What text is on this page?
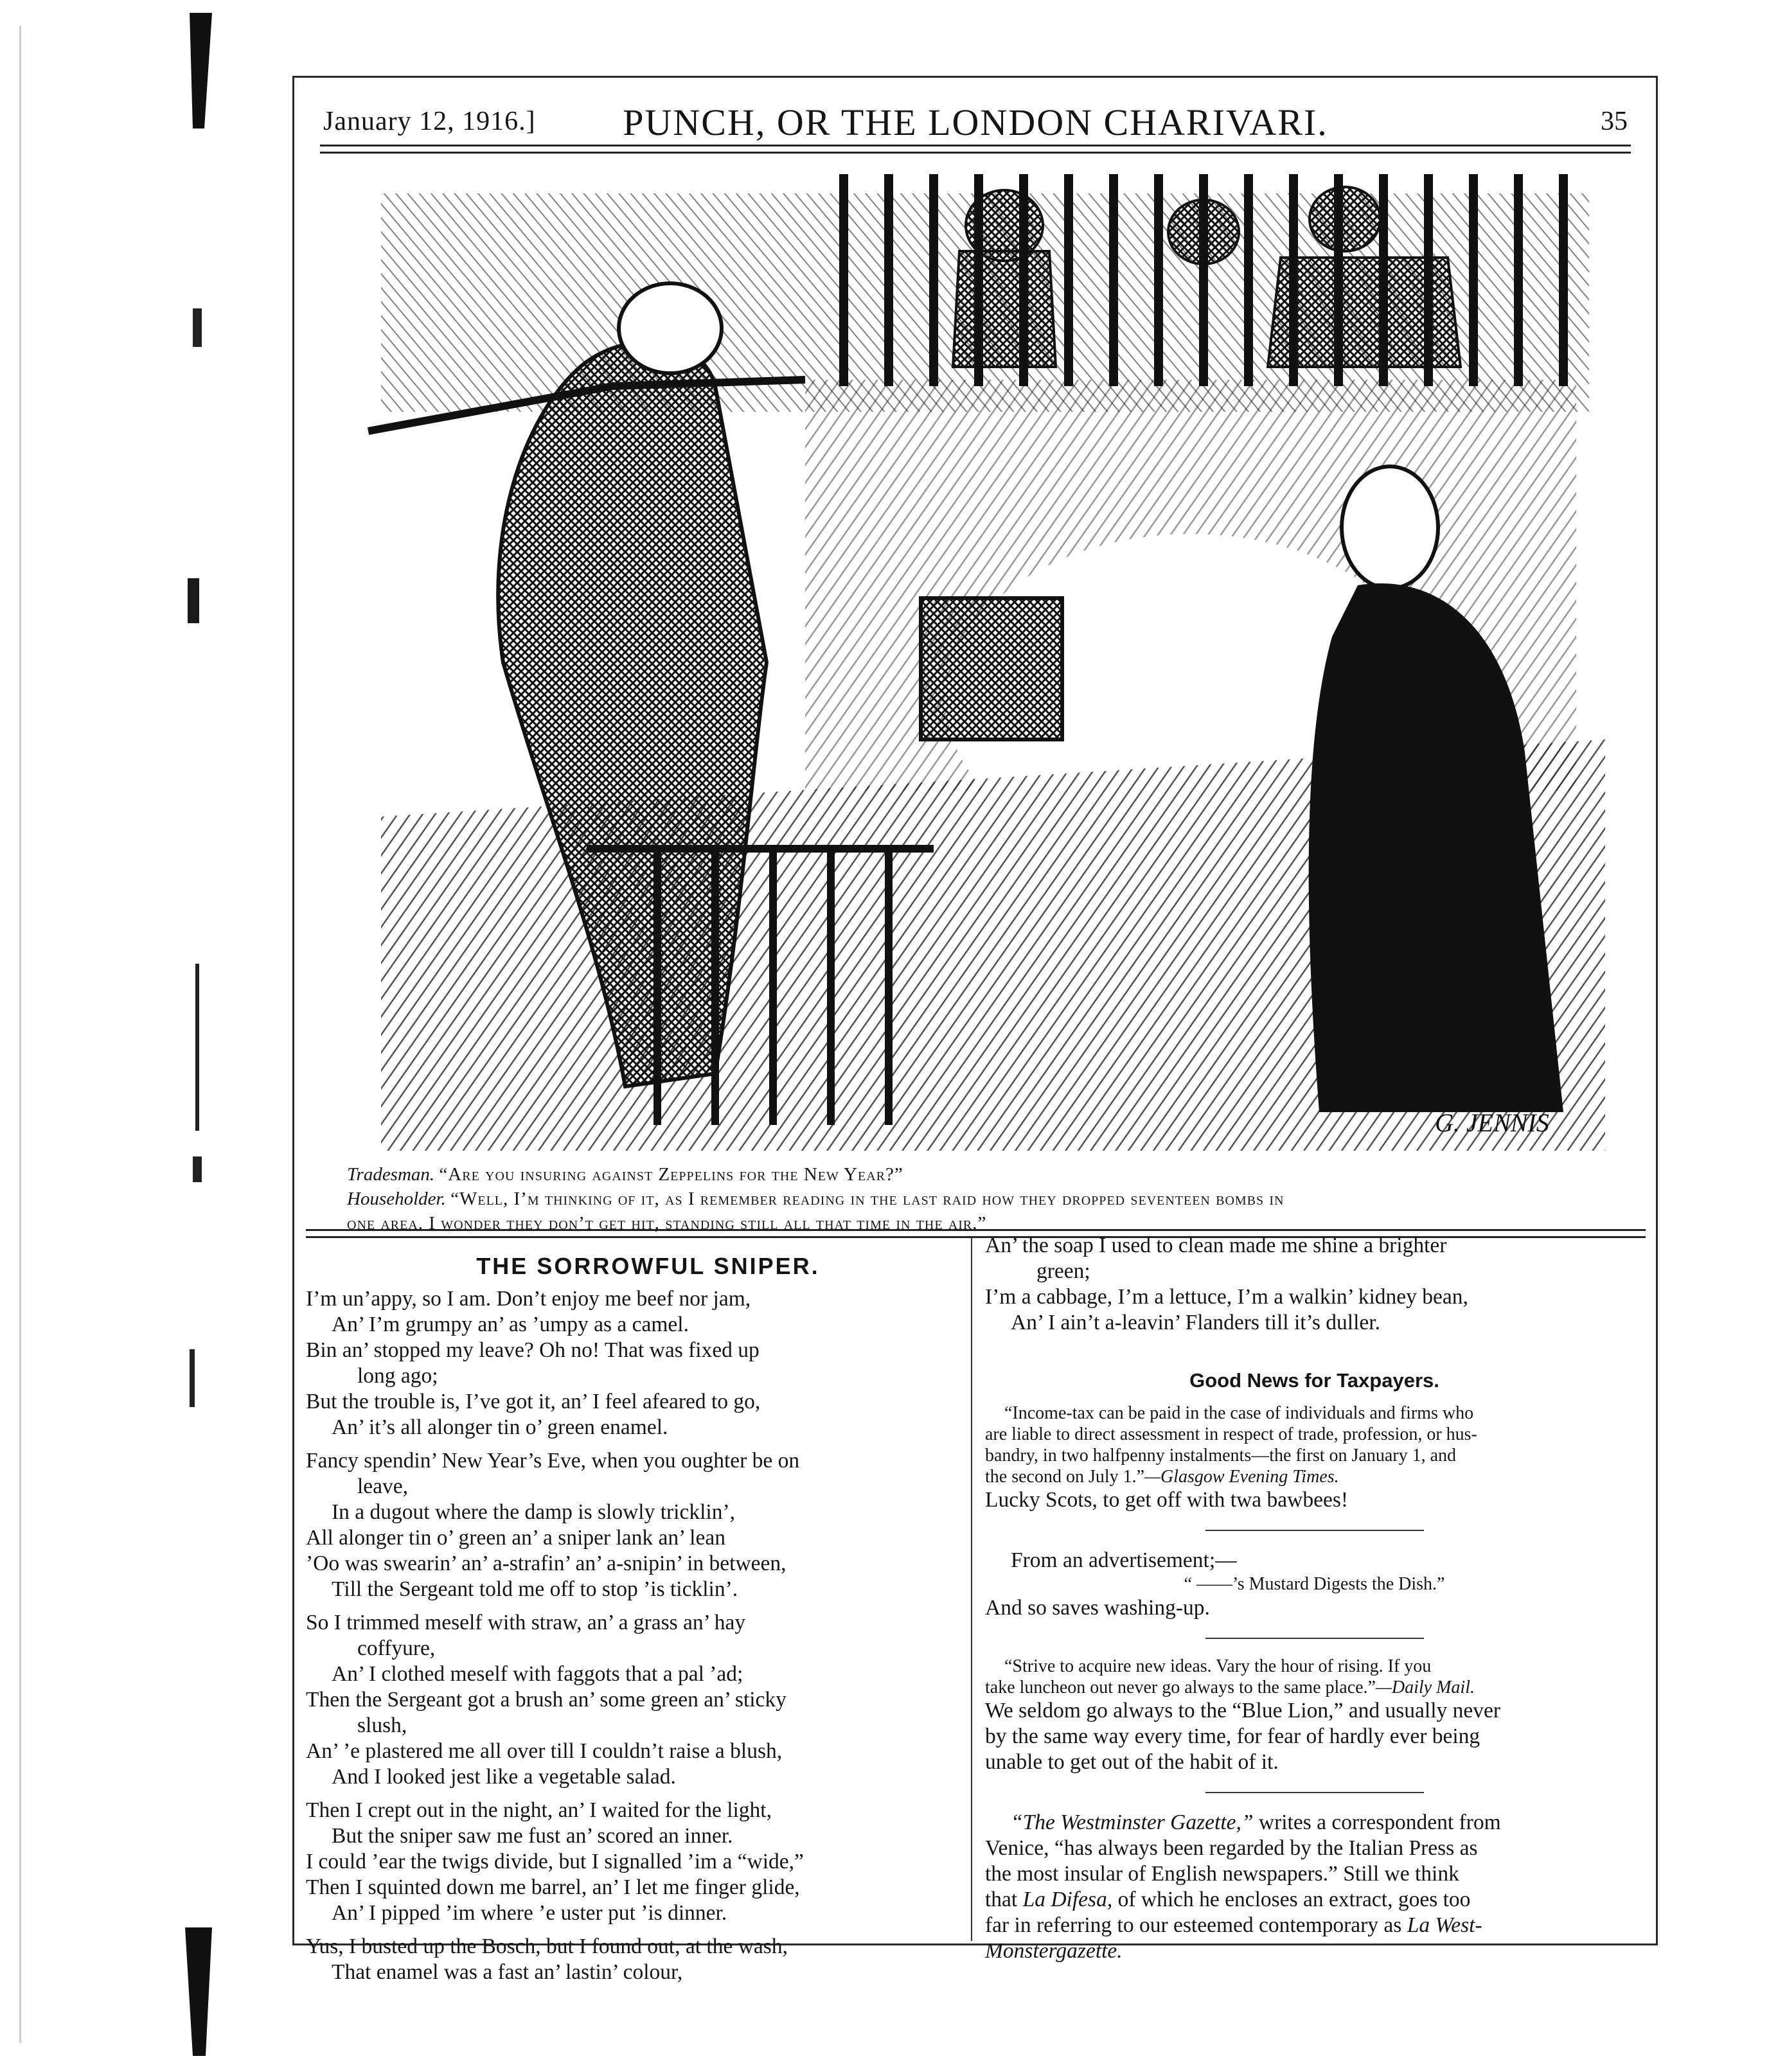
January 12, 1916.]	PUNCH, OR THE LONDON CHARIVARI.	35
G. JENNIS
Tradesman. “Are you insuring against Zeppelins for the New Year?”
Householder. “Well, I’m thinking of it, as I remember reading in the last raid how they dropped seventeen bombs in
one area. I wonder they don’t get hit, standing still all that time in the air.”
THE SORROWFUL SNIPER.
I’m un’appy, so I am. Don’t enjoy me beef nor jam,
An’ I’m grumpy an’ as ’umpy as a camel.
Bin an’ stopped my leave? Oh no! That was fixed up
long ago;
But the trouble is, I’ve got it, an’ I feel afeared to go,
An’ it’s all alonger tin o’ green enamel.
Fancy spendin’ New Year’s Eve, when you oughter be on
leave,
In a dugout where the damp is slowly tricklin’,
All alonger tin o’ green an’ a sniper lank an’ lean
’Oo was swearin’ an’ a-strafin’ an’ a-snipin’ in between,
Till the Sergeant told me off to stop ’is ticklin’.
So I trimmed meself with straw, an’ a grass an’ hay
coffyure,
An’ I clothed meself with faggots that a pal ’ad;
Then the Sergeant got a brush an’ some green an’ sticky
slush,
An’ ’e plastered me all over till I couldn’t raise a blush,
And I looked jest like a vegetable salad.
Then I crept out in the night, an’ I waited for the light,
But the sniper saw me fust an’ scored an inner.
I could ’ear the twigs divide, but I signalled ’im a “wide,”
Then I squinted down me barrel, an’ I let me finger glide,
An’ I pipped ’im where ’e uster put ’is dinner.
Yus, I busted up the Bosch, but I found out, at the wash,
That enamel was a fast an’ lastin’ colour,
An’ the soap I used to clean made me shine a brighter
green;
I’m a cabbage, I’m a lettuce, I’m a walkin’ kidney bean,
An’ I ain’t a-leavin’ Flanders till it’s duller.
Good News for Taxpayers.
“Income-tax can be paid in the case of individuals and firms who
are liable to direct assessment in respect of trade, profession, or hus-
bandry, in two halfpenny instalments—the first on January 1, and
the second on July 1.”—Glasgow Evening Times.
Lucky Scots, to get off with twa bawbees!
From an advertisement;—
“ ——’s Mustard Digests the Dish.”
And so saves washing-up.
“Strive to acquire new ideas. Vary the hour of rising. If you
take luncheon out never go always to the same place.”—Daily Mail.
We seldom go always to the “Blue Lion,” and usually never
by the same way every time, for fear of hardly ever being
unable to get out of the habit of it.
“The Westminster Gazette,” writes a correspondent from
Venice, “has always been regarded by the Italian Press as
the most insular of English newspapers.” Still we think
that La Difesa, of which he encloses an extract, goes too
far in referring to our esteemed contemporary as La West-
Monstergazette.
